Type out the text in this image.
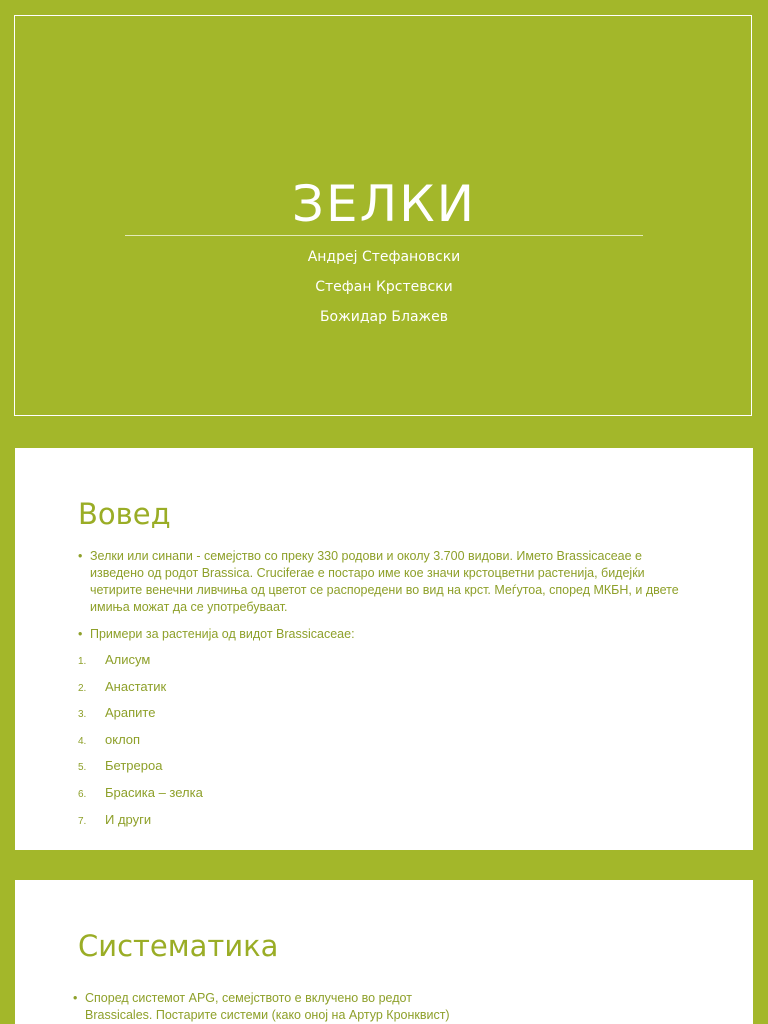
ЗЕЛКИ
Андреј Стефановски
Стефан Крстевски
Божидар Блажев
Вовед
• Зелки или синапи - семејство со преку 330 родови и околу 3.700 видови. Името Brassicaceae е изведено од родот Brassica. Cruciferae е постаро име кое значи крстоцветни растенија, бидејќи четирите венечни ливчиња од цветот се распоредени во вид на крст. Меѓутоа, според МКБН, и двете имиња можат да се употребуваат.
• Примери за растенија од видот Brassicaceae:
1. Алисум
2. Анастатик
3. Арапите
4. оклоп
5. Бетрероа
6. Брасика – зелка
7. И други
Систематика
• Според системот APG, семејството е вклучено во редот Brassicales. Постарите системи (како оној на Артур Кронквист)
